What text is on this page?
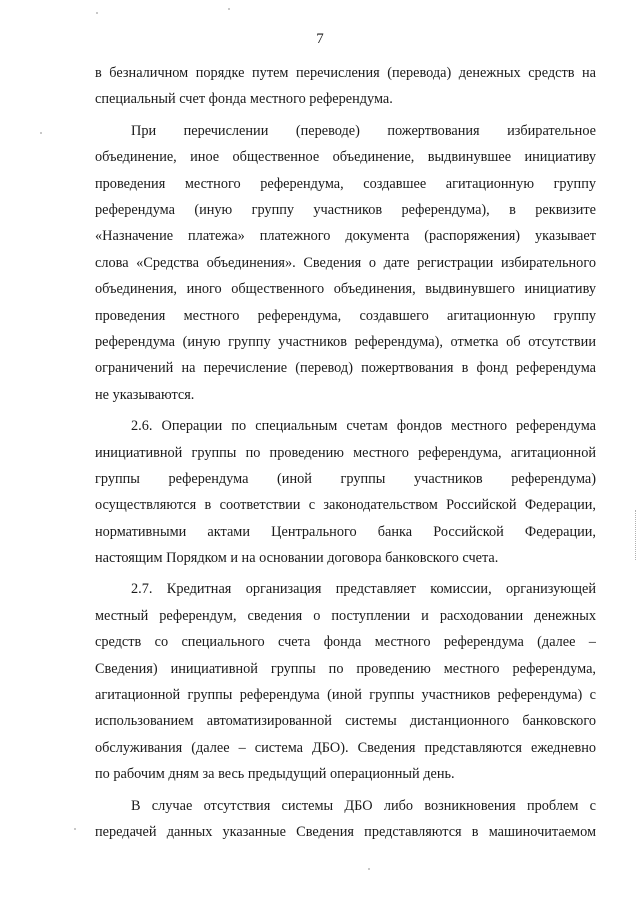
7

в безналичном порядке путем перечисления (перевода) денежных средств на
специальный счет фонда местного референдума.

При перечислении (переводе) пожертвования избирательное
объединение, иное общественное объединение, выдвинувшее инициативу
проведения местного референдума, создавшее агитационную группу
референдума (иную группу участников референдума), в реквизите
«Назначение платежа» платежного документа (распоряжения) указывает
слова «Средства объединения». Сведения о дате регистрации избирательного
объединения, иного общественного объединения, выдвинувшего инициативу
проведения местного референдума, создавшего агитационную группу
референдума (иную группу участников референдума), отметка об отсутствии
ограничений на перечисление (перевод) пожертвования в фонд референдума
не указываются.

2.6. Операции по специальным счетам фондов местного референдума
инициативной группы по проведению местного референдума, агитационной
группы референдума (иной группы участников референдума)
осуществляются в соответствии с законодательством Российской Федерации,
нормативными актами Центрального банка Российской Федерации,
настоящим Порядком и на основании договора банковского счета.

2.7. Кредитная организация представляет комиссии, организующей
местный референдум, сведения о поступлении и расходовании денежных
средств со специального счета фонда местного референдума (далее –
Сведения) инициативной группы по проведению местного референдума,
агитационной группы референдума (иной группы участников референдума) с
использованием автоматизированной системы дистанционного банковского
обслуживания (далее – система ДБО). Сведения представляются ежедневно
по рабочим дням за весь предыдущий операционный день.

В случае отсутствия системы ДБО либо возникновения проблем с
передачей данных указанные Сведения представляются в машиночитаемом
